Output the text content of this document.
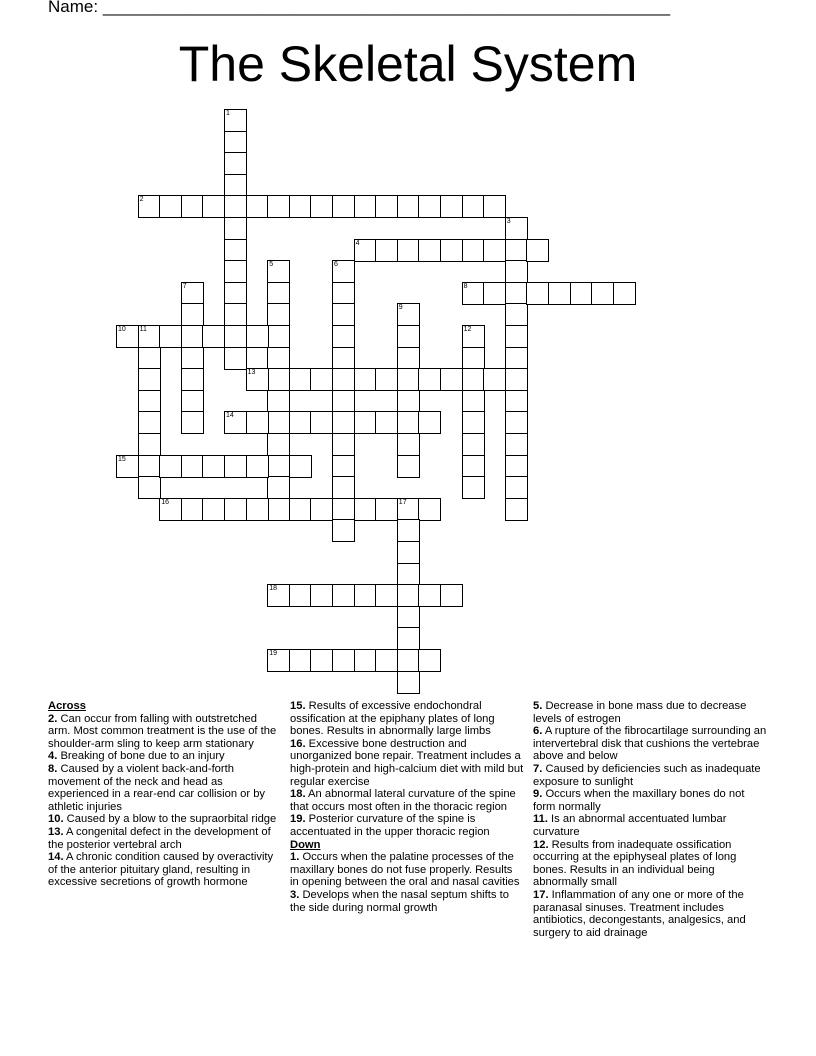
Name: ____________________________________________________________
The Skeletal System
1
2
3
4
5	6
7	8
9
10 11	12
13
14
15
16	17
18
19

Across

2. Can occur from falling with outstretched arm. Most common treatment is the use of the shoulder-arm sling to keep arm stationary

4. Breaking of bone due to an injury

8. Caused by a violent back-and-forth movement of the neck and head as experienced in a rear-end car collision or by athletic injuries

10. Caused by a blow to the supraorbital ridge

13. A congenital defect in the development of the posterior vertebral arch

14. A chronic condition caused by overactivity of the anterior pituitary gland, resulting in excessive secretions of growth hormone

15. Results of excessive endochondral ossification at the epiphany plates of long bones. Results in abnormally large limbs

16. Excessive bone destruction and unorganized bone repair. Treatment includes a high-protein and high-calcium diet with mild but regular exercise

18. An abnormal lateral curvature of the spine that occurs most often in the thoracic region

19. Posterior curvature of the spine is accentuated in the upper thoracic region

Down

1. Occurs when the palatine processes of the maxillary bones do not fuse properly. Results in opening between the oral and nasal cavities

3. Develops when the nasal septum shifts to the side during normal growth

5. Decrease in bone mass due to decrease levels of estrogen

6. A rupture of the fibrocartilage surrounding an intervertebral disk that cushions the vertebrae above and below

7. Caused by deficiencies such as inadequate exposure to sunlight

9. Occurs when the maxillary bones do not form normally

11. Is an abnormal accentuated lumbar curvature

12. Results from inadequate ossification occurring at the epiphyseal plates of long bones. Results in an individual being abnormally small

17. Inflammation of any one or more of the paranasal sinuses. Treatment includes antibiotics, decongestants, analgesics, and surgery to aid drainage
